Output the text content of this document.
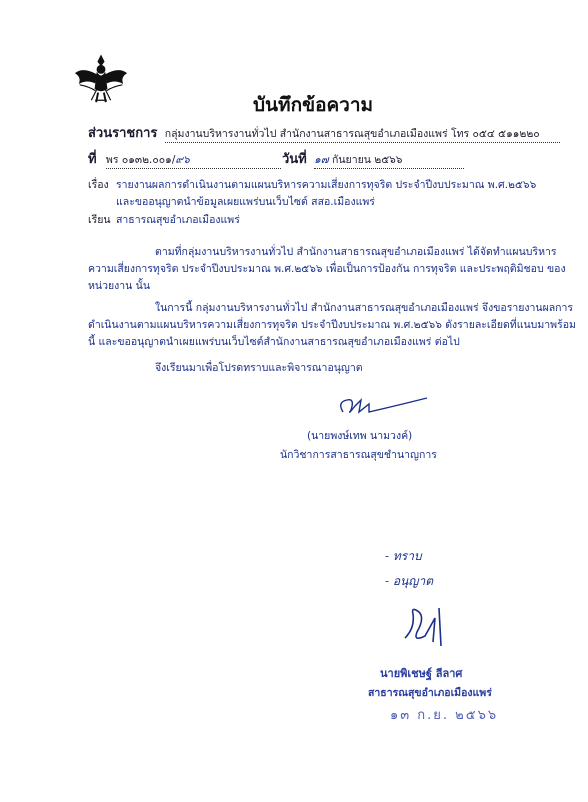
บันทึกข้อความ
ส่วนราชการ กลุ่มงานบริหารงานทั่วไป สำนักงานสาธารณสุขอำเภอเมืองแพร่ โทร ๐๕๔ ๕๑๑๒๒๐
ที่ พร ๐๑๓๒.๐๐๑/๙๖	วันที่ ๑๗ กันยายน ๒๕๖๖
เรื่อง รายงานผลการดำเนินงานตามแผนบริหารความเสี่ยงการทุจริต ประจำปีงบประมาณ พ.ศ.๒๕๖๖
และขออนุญาตนำข้อมูลเผยแพร่บนเว็บไซต์ สสอ.เมืองแพร่
เรียน สาธารณสุขอำเภอเมืองแพร่
ตามที่กลุ่มงานบริหารงานทั่วไป สำนักงานสาธารณสุขอำเภอเมืองแพร่ ได้จัดทำแผนบริหาร
ความเสี่ยงการทุจริต ประจำปีงบประมาณ พ.ศ.๒๕๖๖ เพื่อเป็นการป้องกัน การทุจริต และประพฤติมิชอบ ของ
หน่วยงาน นั้น
ในการนี้ กลุ่มงานบริหารงานทั่วไป สำนักงานสาธารณสุขอำเภอเมืองแพร่ จึงขอรายงานผลการ
ดำเนินงานตามแผนบริหารความเสี่ยงการทุจริต ประจำปีงบประมาณ พ.ศ.๒๕๖๖ ดังรายละเอียดที่แนบมาพร้อม
นี้ และขออนุญาตนำเผยแพร่บนเว็บไซต์สำนักงานสาธารณสุขอำเภอเมืองแพร่ ต่อไป
จึงเรียนมาเพื่อโปรดทราบและพิจารณาอนุญาต
(นายพงษ์เทพ นามวงค์)
นักวิชาการสาธารณสุขชำนาญการ
- ทราบ
- อนุญาต
นายพิเชษฐ์ ลีลาศ
สาธารณสุขอำเภอเมืองแพร่
๑๓ ก.ย. ๒๕๖๖
